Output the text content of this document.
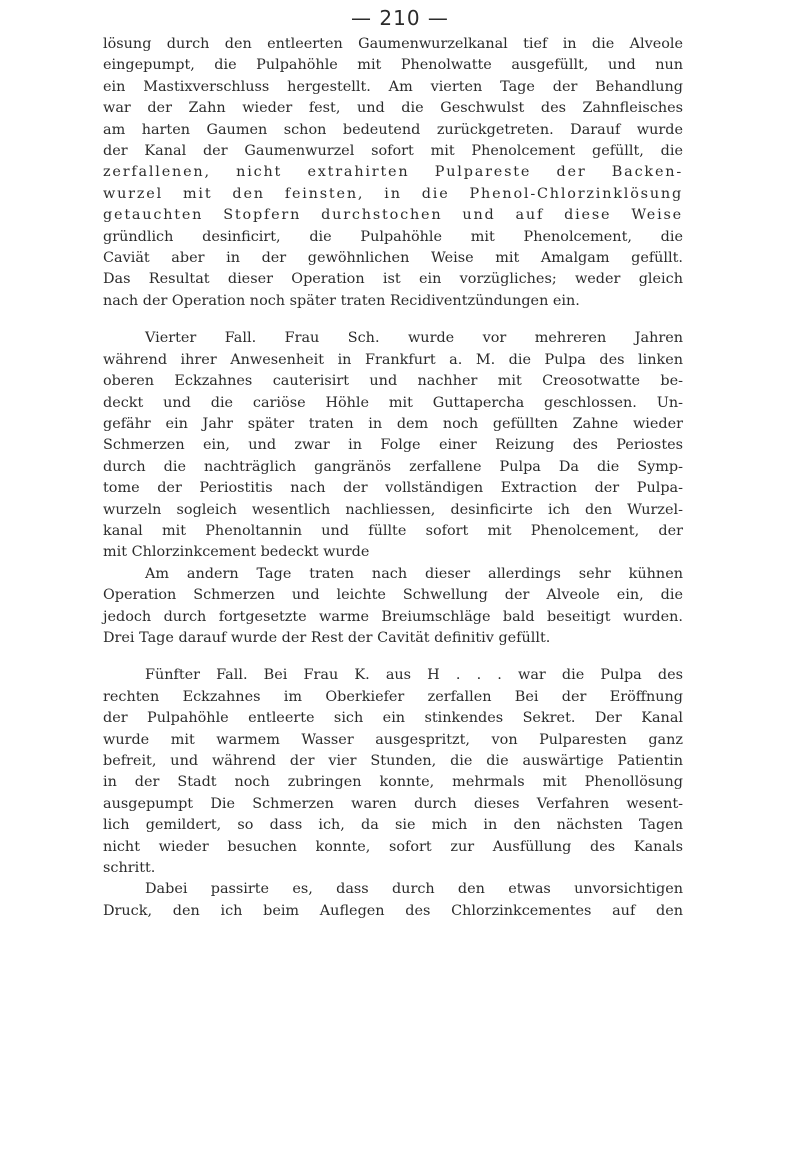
— 210 —
lösung durch den entleerten Gaumenwurzelkanal tief in die Alveole
eingepumpt, die Pulpahöhle mit Phenolwatte ausgefüllt, und nun
ein Mastixverschluss hergestellt. Am vierten Tage der Behandlung
war der Zahn wieder fest, und die Geschwulst des Zahnfleisches
am harten Gaumen schon bedeutend zurückgetreten. Darauf wurde
der Kanal der Gaumenwurzel sofort mit Phenolcement gefüllt, die
zerfallenen, nicht extrahirten Pulpareste der Backen-
wurzel mit den feinsten, in die Phenol-Chlorzinklösung
getauchten Stopfern durchstochen und auf diese Weise
gründlich desinficirt, die Pulpahöhle mit Phenolcement, die
Caviät aber in der gewöhnlichen Weise mit Amalgam gefüllt.
Das Resultat dieser Operation ist ein vorzügliches; weder gleich
nach der Operation noch später traten Recidiventzündungen ein.
Vierter Fall. Frau Sch. wurde vor mehreren Jahren
während ihrer Anwesenheit in Frankfurt a. M. die Pulpa des linken
oberen Eckzahnes cauterisirt und nachher mit Creosotwatte be-
deckt und die cariöse Höhle mit Guttapercha geschlossen. Un-
gefähr ein Jahr später traten in dem noch gefüllten Zahne wieder
Schmerzen ein, und zwar in Folge einer Reizung des Periostes
durch die nachträglich gangränös zerfallene Pulpa Da die Symp-
tome der Periostitis nach der vollständigen Extraction der Pulpa-
wurzeln sogleich wesentlich nachliessen, desinficirte ich den Wurzel-
kanal mit Phenoltannin und füllte sofort mit Phenolcement, der
mit Chlorzinkcement bedeckt wurde
Am andern Tage traten nach dieser allerdings sehr kühnen
Operation Schmerzen und leichte Schwellung der Alveole ein, die
jedoch durch fortgesetzte warme Breiumschläge bald beseitigt wurden.
Drei Tage darauf wurde der Rest der Cavität definitiv gefüllt.
Fünfter Fall. Bei Frau K. aus H . . . war die Pulpa des
rechten Eckzahnes im Oberkiefer zerfallen Bei der Eröffnung
der Pulpahöhle entleerte sich ein stinkendes Sekret. Der Kanal
wurde mit warmem Wasser ausgespritzt, von Pulparesten ganz
befreit, und während der vier Stunden, die die auswärtige Patientin
in der Stadt noch zubringen konnte, mehrmals mit Phenollösung
ausgepumpt Die Schmerzen waren durch dieses Verfahren wesent-
lich gemildert, so dass ich, da sie mich in den nächsten Tagen
nicht wieder besuchen konnte, sofort zur Ausfüllung des Kanals
schritt.
Dabei passirte es, dass durch den etwas unvorsichtigen
Druck, den ich beim Auflegen des Chlorzinkcementes auf den
